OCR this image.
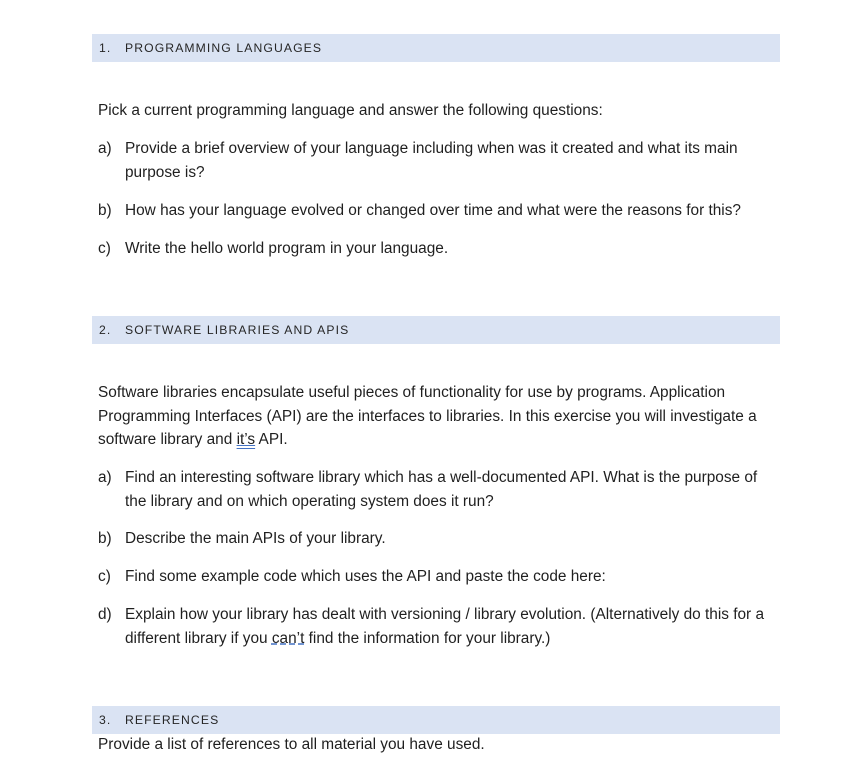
1. PROGRAMMING LANGUAGES
Pick a current programming language and answer the following questions:
a) Provide a brief overview of your language including when was it created and what its main purpose is?
b) How has your language evolved or changed over time and what were the reasons for this?
c) Write the hello world program in your language.
2. SOFTWARE LIBRARIES AND APIS
Software libraries encapsulate useful pieces of functionality for use by programs. Application Programming Interfaces (API) are the interfaces to libraries. In this exercise you will investigate a software library and it’s API.
a) Find an interesting software library which has a well-documented API. What is the purpose of the library and on which operating system does it run?
b) Describe the main APIs of your library.
c) Find some example code which uses the API and paste the code here:
d) Explain how your library has dealt with versioning / library evolution. (Alternatively do this for a different library if you can’t find the information for your library.)
3. REFERENCES
Provide a list of references to all material you have used.
